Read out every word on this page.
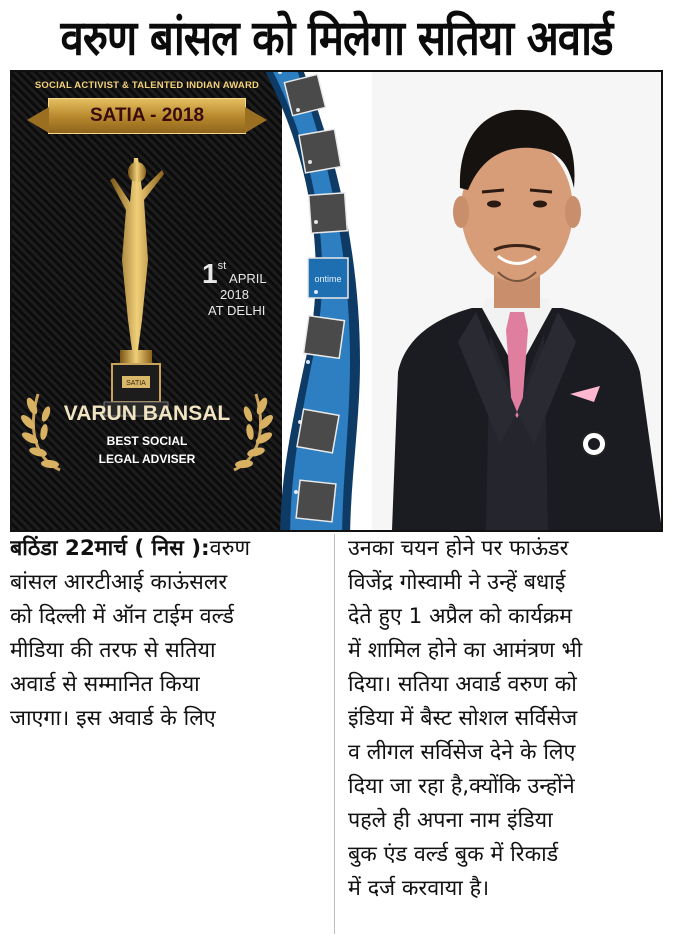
वरुण बांसल को मिलेगा सतिया अवार्ड
SOCIAL ACTIVIST & TALENTED INDIAN AWARD
SATIA - 2018
SATIA
1st APRIL
2018
AT DELHI
VARUN BANSAL
BEST SOCIAL
LEGAL ADVISER
ontime
बठिंडा 22मार्च ( निस ):वरुण
बांसल आरटीआई काऊंसलर
को दिल्ली में ऑन टाईम वर्ल्ड
मीडिया की तरफ से सतिया
अवार्ड से सम्मानित किया
जाएगा। इस अवार्ड के लिए
उनका चयन होने पर फाऊंडर
विजेंद्र गोस्वामी ने उन्हें बधाई
देते हुए 1 अप्रैल को कार्यक्रम
में शामिल होने का आमंत्रण भी
दिया। सतिया अवार्ड वरुण को
इंडिया में बैस्ट सोशल सर्विसेज
व लीगल सर्विसेज देने के लिए
दिया जा रहा है,क्योंकि उन्होंने
पहले ही अपना नाम इंडिया
बुक एंड वर्ल्ड बुक में रिकार्ड
में दर्ज करवाया है।
